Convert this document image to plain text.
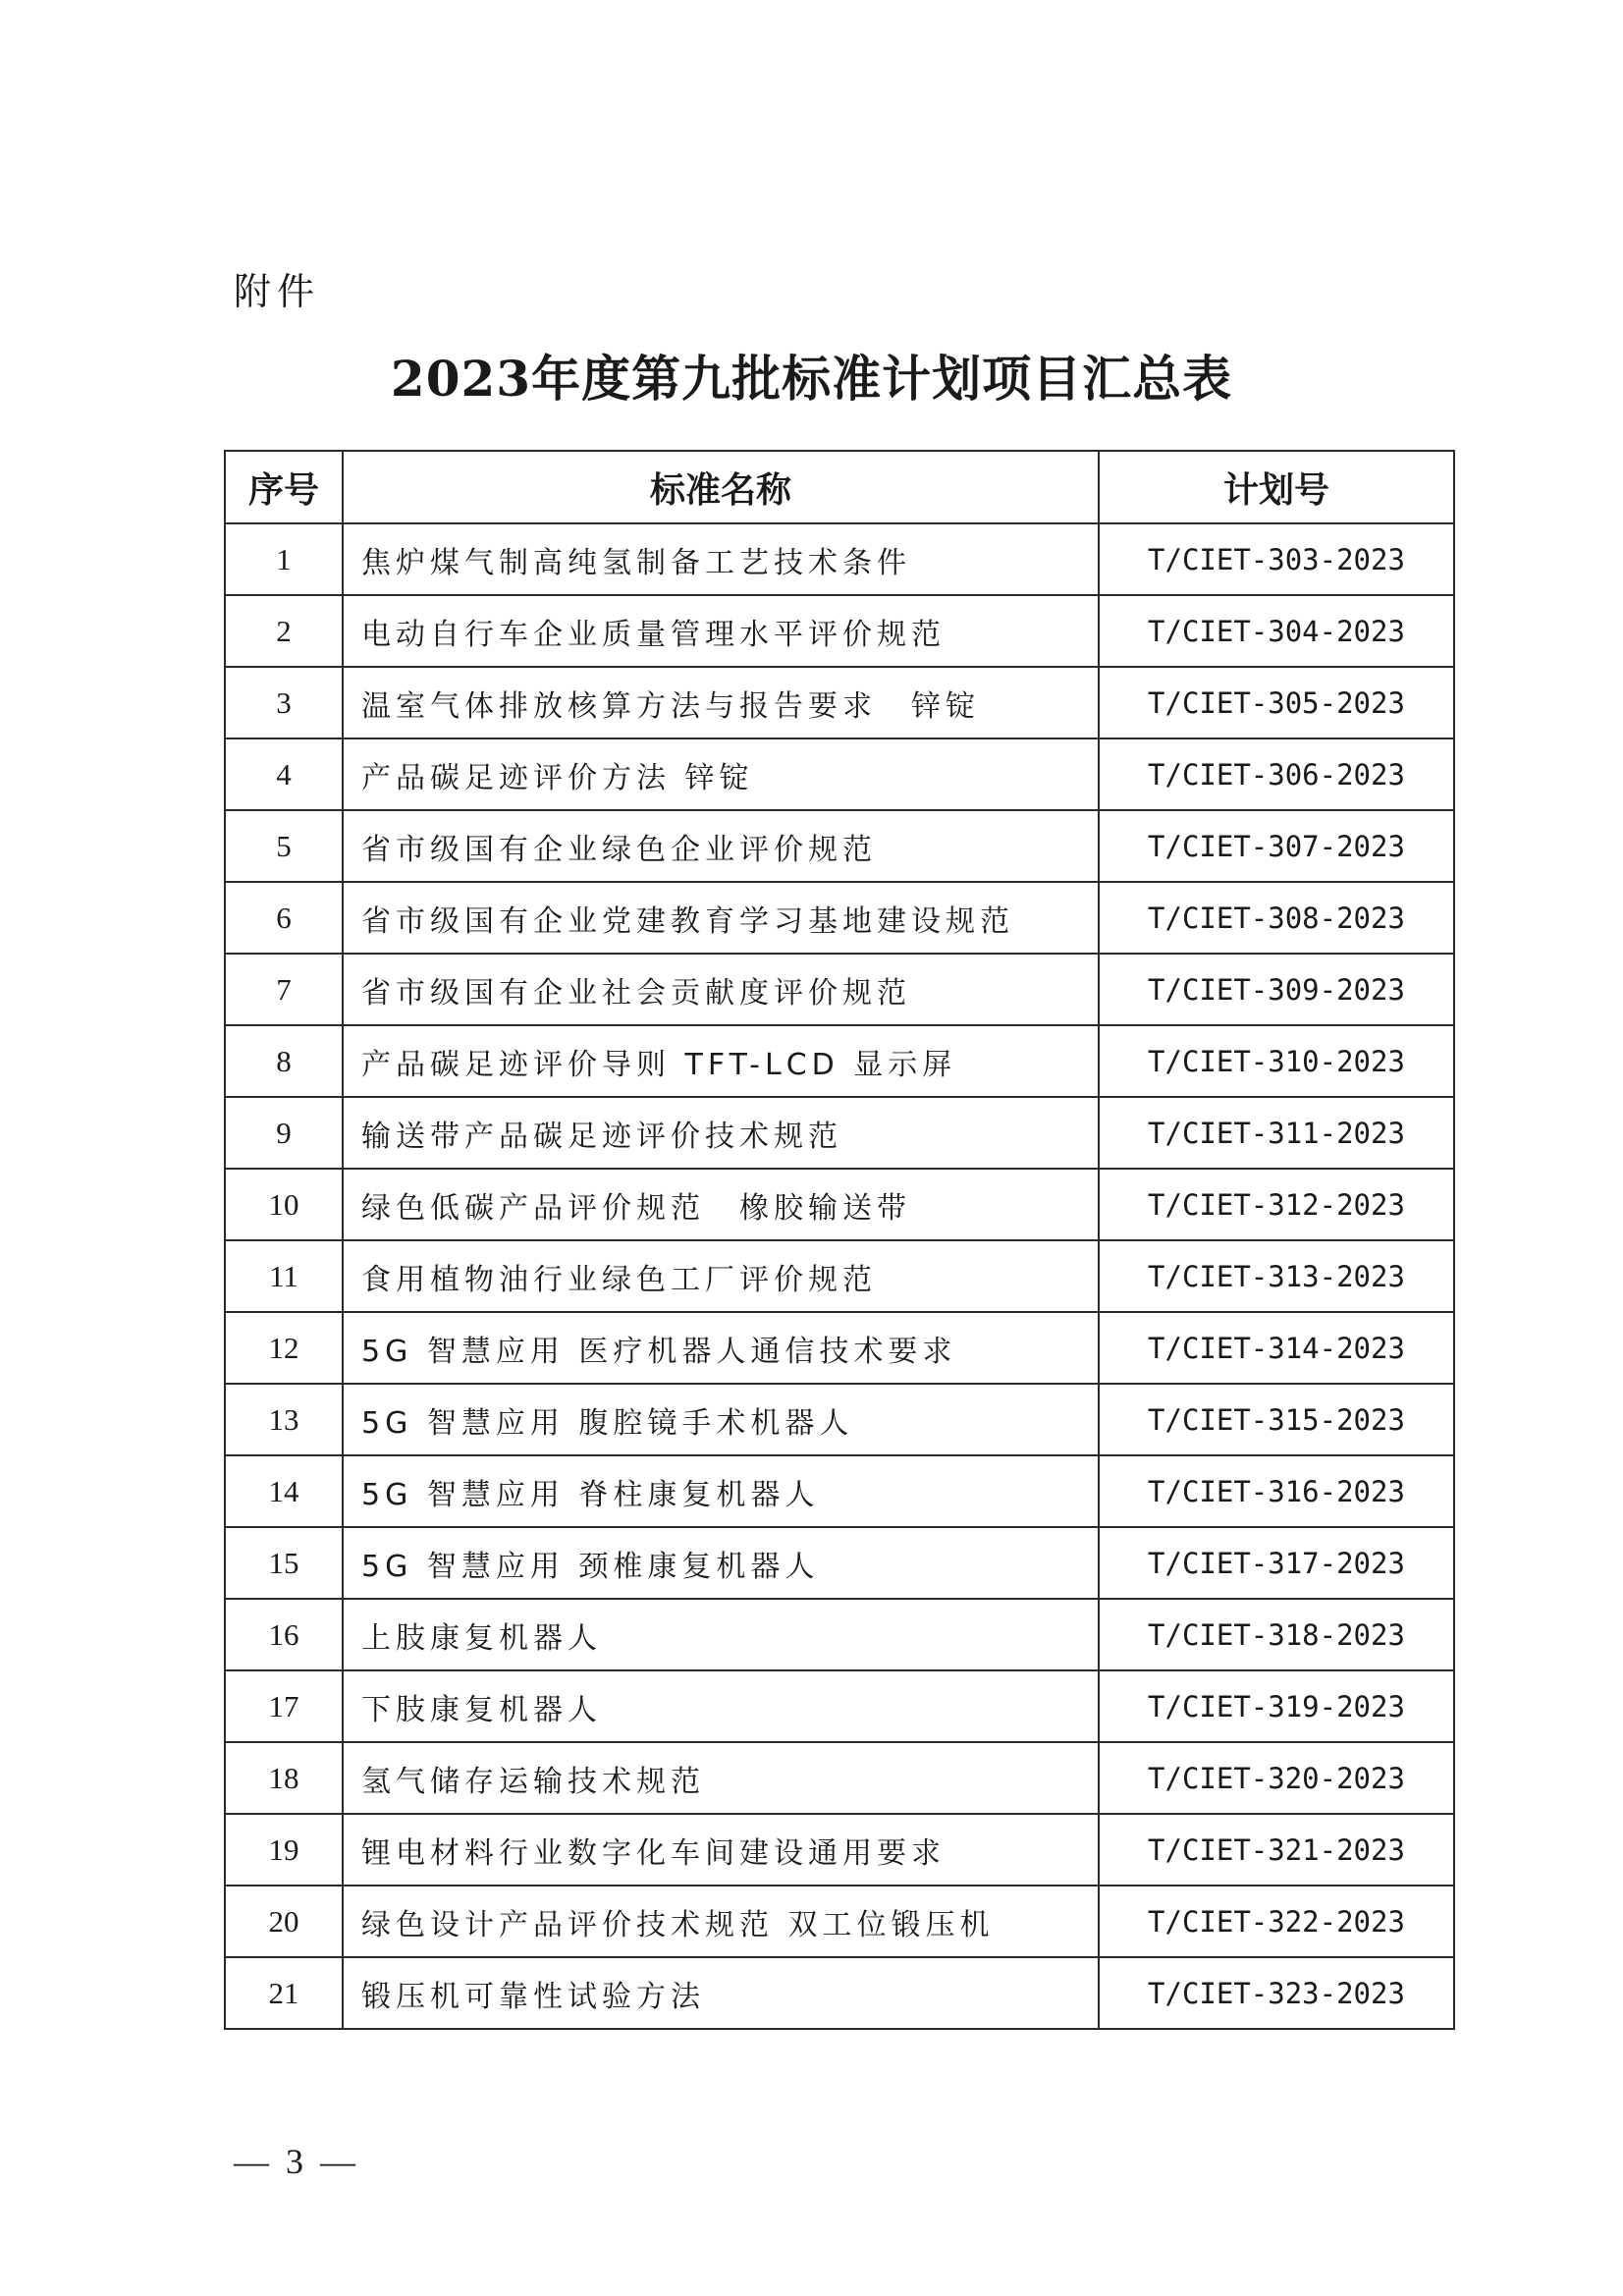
附件
2023年度第九批标准计划项目汇总表
序号	标准名称	计划号
1	焦炉煤气制高纯氢制备工艺技术条件	T/CIET-303-2023
2	电动自行车企业质量管理水平评价规范	T/CIET-304-2023
3	温室气体排放核算方法与报告要求　锌锭	T/CIET-305-2023
4	产品碳足迹评价方法 锌锭	T/CIET-306-2023
5	省市级国有企业绿色企业评价规范	T/CIET-307-2023
6	省市级国有企业党建教育学习基地建设规范	T/CIET-308-2023
7	省市级国有企业社会贡献度评价规范	T/CIET-309-2023
8	产品碳足迹评价导则 TFT-LCD 显示屏	T/CIET-310-2023
9	输送带产品碳足迹评价技术规范	T/CIET-311-2023
10	绿色低碳产品评价规范　橡胶输送带	T/CIET-312-2023
11	食用植物油行业绿色工厂评价规范	T/CIET-313-2023
12	5G 智慧应用 医疗机器人通信技术要求	T/CIET-314-2023
13	5G 智慧应用 腹腔镜手术机器人	T/CIET-315-2023
14	5G 智慧应用 脊柱康复机器人	T/CIET-316-2023
15	5G 智慧应用 颈椎康复机器人	T/CIET-317-2023
16	上肢康复机器人	T/CIET-318-2023
17	下肢康复机器人	T/CIET-319-2023
18	氢气储存运输技术规范	T/CIET-320-2023
19	锂电材料行业数字化车间建设通用要求	T/CIET-321-2023
20	绿色设计产品评价技术规范 双工位锻压机	T/CIET-322-2023
21	锻压机可靠性试验方法	T/CIET-323-2023
— 3 —
